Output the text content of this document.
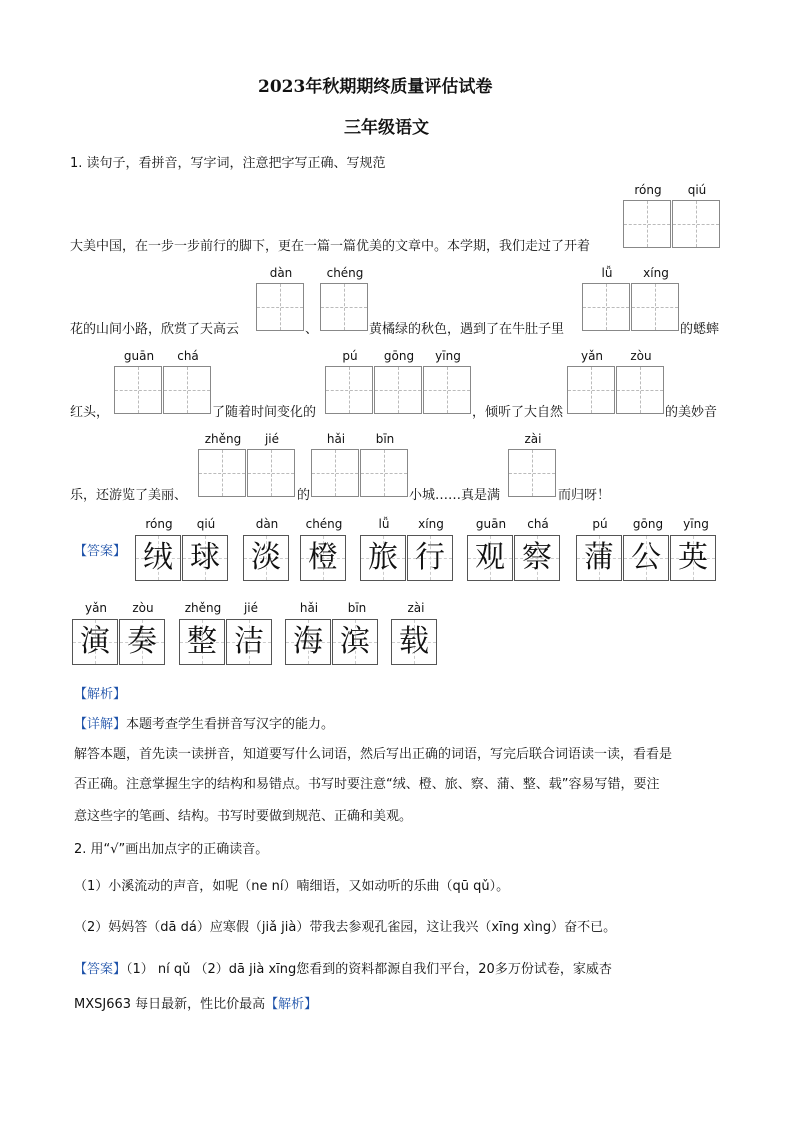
2023年秋期期终质量评估试卷
三年级语文
1. 读句子，看拼音，写字词，注意把字写正确、写规范
大美中国，在一步一步前行的脚下，更在一篇一篇优美的文章中。本学期，我们走过了开着
róng	qiú
花的山间小路，欣赏了天高云
dàn
、
chéng
黄橘绿的秋色，遇到了在牛肚子里
lǚ	xíng
的蟋蟀
红头，
guān	chá
了随着时间变化的
pú	gōng	yīng
，倾听了大自然
yǎn	zòu
的美妙音
乐，还游览了美丽、
zhěng	jié
的
hǎi	bīn
小城……真是满
zài
而归呀！
【答案】
róng	qiú
绒 球
dàn
淡
chéng
橙
lǚ	xíng
旅 行
guān	chá
观 察
pú	gōng	yīng
蒲 公 英
yǎn	zòu
演 奏
zhěng	jié
整 洁
hǎi	bīn
海 滨
zài
载
【解析】
【详解】本题考查学生看拼音写汉字的能力。
解答本题，首先读一读拼音，知道要写什么词语，然后写出正确的词语，写完后联合词语读一读，看看是
否正确。注意掌握生字的结构和易错点。书写时要注意“绒、橙、旅、察、蒲、整、载”容易写错，要注
意这些字的笔画、结构。书写时要做到规范、正确和美观。
2. 用“√”画出加点字的正确读音。
（1）小溪流动的声音，如呢（ne ní）喃细语，又如动听的乐曲（qū qǔ）。
（2）妈妈答（dā dá）应寒假（jiǎ jià）带我去参观孔雀园，这让我兴（xīng xìng）奋不已。
【答案】（1） ní qǔ （2）dā jià xīng您看到的资料都源自我们平台，20多万份试卷，家威杏
MXSJ663 每日最新，性比价最高【解析】
